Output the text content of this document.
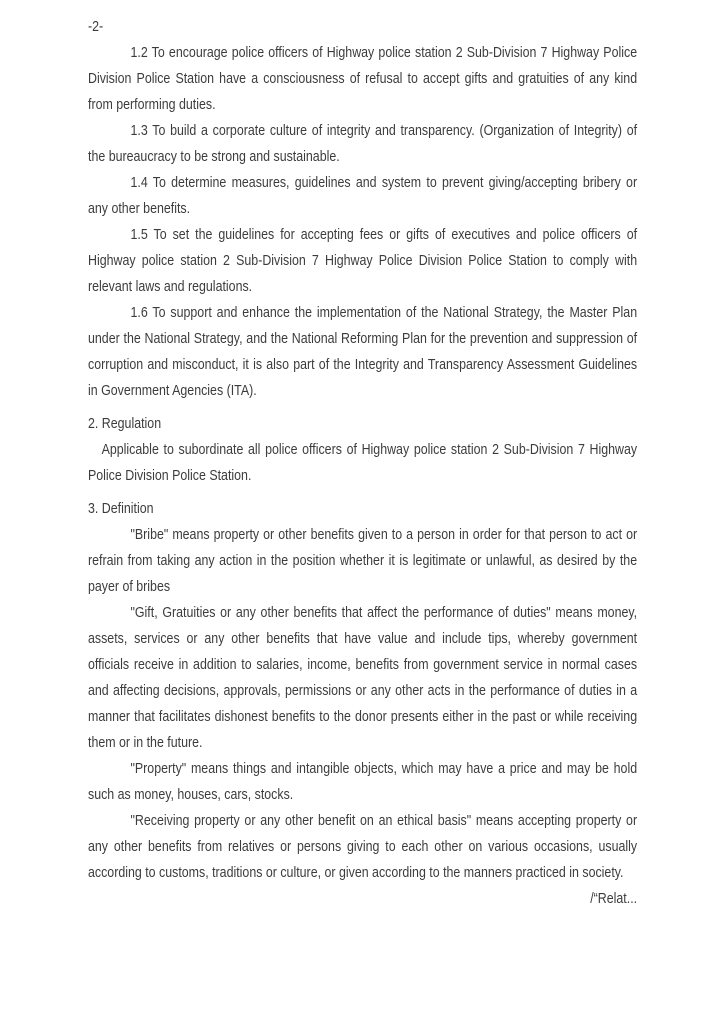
-2-

1.2 To encourage police officers of Highway police station 2 Sub-Division 7 Highway Police Division Police Station have a consciousness of refusal to accept gifts and gratuities of any kind from performing duties.

1.3 To build a corporate culture of integrity and transparency. (Organization of Integrity) of the bureaucracy to be strong and sustainable.

1.4 To determine measures, guidelines and system to prevent giving/accepting bribery or any other benefits.

1.5 To set the guidelines for accepting fees or gifts of executives and police officers of Highway police station 2 Sub-Division 7 Highway Police Division Police Station to comply with relevant laws and regulations.

1.6 To support and enhance the implementation of the National Strategy, the Master Plan under the National Strategy, and the National Reforming Plan for the prevention and suppression of corruption and misconduct, it is also part of the Integrity and Transparency Assessment Guidelines in Government Agencies (ITA).

2. Regulation

Applicable to subordinate all police officers of Highway police station 2 Sub-Division 7 Highway Police Division Police Station.

3. Definition

"Bribe" means property or other benefits given to a person in order for that person to act or refrain from taking any action in the position whether it is legitimate or unlawful, as desired by the payer of bribes

"Gift, Gratuities or any other benefits that affect the performance of duties" means money, assets, services or any other benefits that have value and include tips, whereby government officials receive in addition to salaries, income, benefits from government service in normal cases and affecting decisions, approvals, permissions or any other acts in the performance of duties in a manner that facilitates dishonest benefits to the donor presents either in the past or while receiving them or in the future.

"Property" means things and intangible objects, which may have a price and may be hold such as money, houses, cars, stocks.

"Receiving property or any other benefit on an ethical basis" means accepting property or any other benefits from relatives or persons giving to each other on various occasions, usually according to customs, traditions or culture, or given according to the manners practiced in society.

/“Relat...
